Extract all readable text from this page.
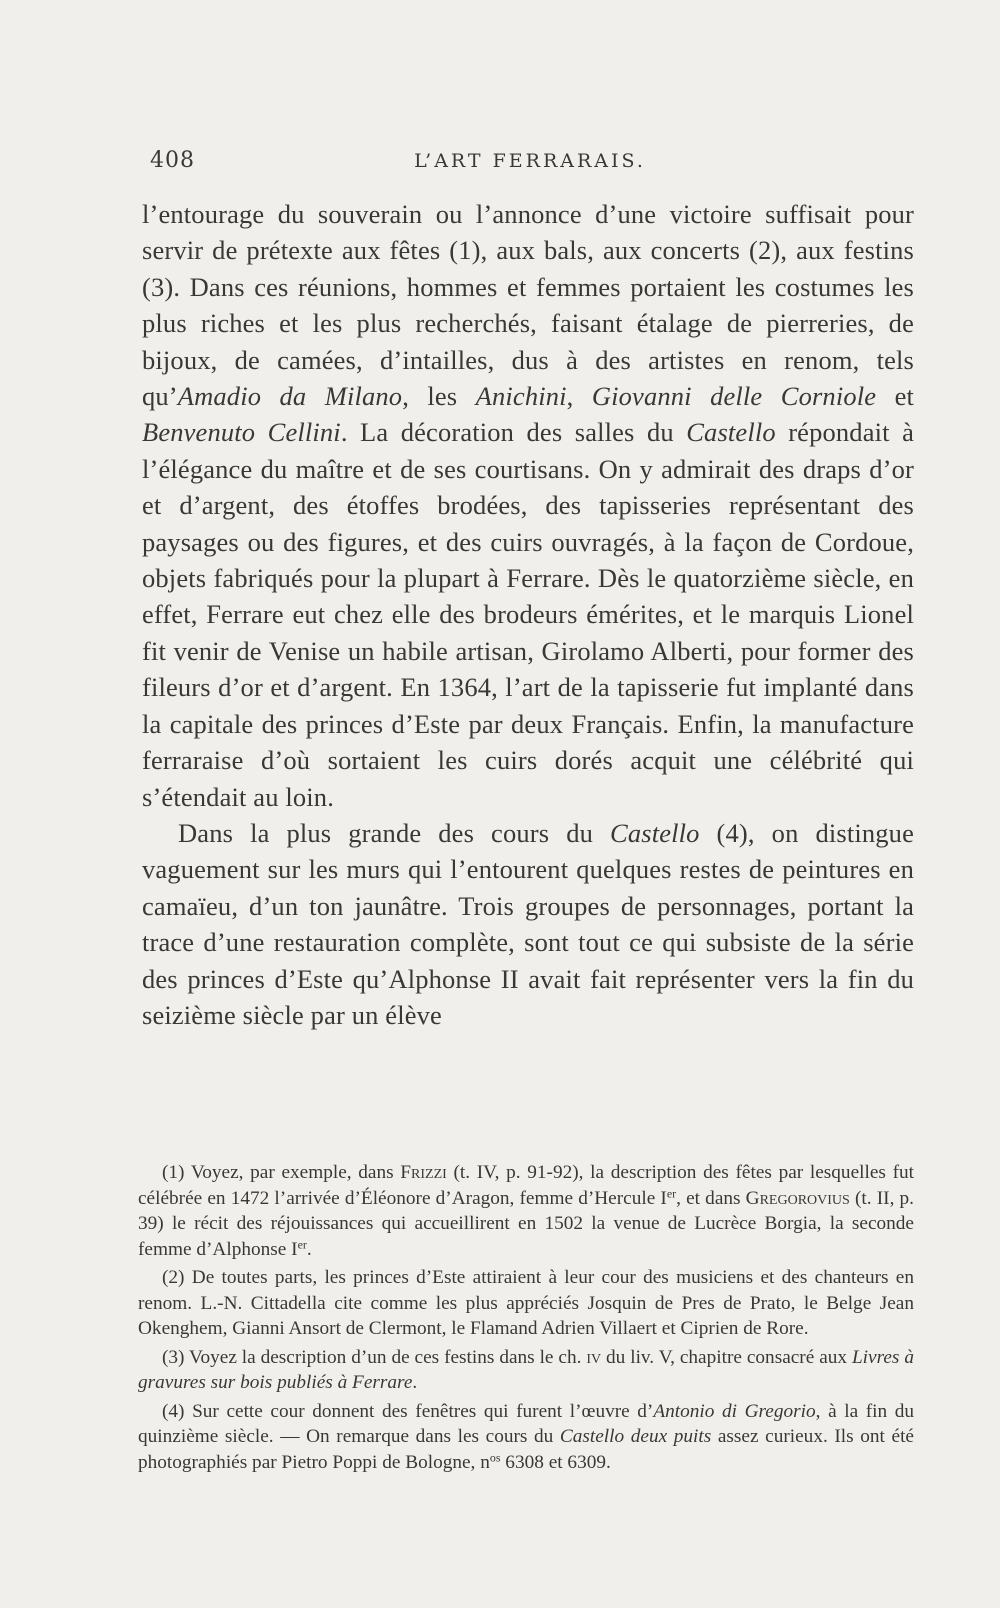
408	L’ART FERRARAIS.

l’entourage du souverain ou l’annonce d’une victoire suffisait pour servir de prétexte aux fêtes (1), aux bals, aux concerts (2), aux festins (3). Dans ces réunions, hommes et femmes portaient les costumes les plus riches et les plus recherchés, faisant étalage de pierreries, de bijoux, de camées, d’intailles, dus à des artistes en renom, tels qu’Amadio da Milano, les Anichini, Giovanni delle Corniole et Benvenuto Cellini. La décoration des salles du Castello répondait à l’élégance du maître et de ses courtisans. On y admirait des draps d’or et d’argent, des étoffes brodées, des tapisseries représentant des paysages ou des figures, et des cuirs ouvragés, à la façon de Cordoue, objets fabriqués pour la plupart à Ferrare. Dès le quatorzième siècle, en effet, Ferrare eut chez elle des brodeurs émérites, et le marquis Lionel fit venir de Venise un habile artisan, Girolamo Alberti, pour former des fileurs d’or et d’argent. En 1364, l’art de la tapisserie fut implanté dans la capitale des princes d’Este par deux Français. Enfin, la manufacture ferraraise d’où sortaient les cuirs dorés acquit une célébrité qui s’étendait au loin.

Dans la plus grande des cours du Castello (4), on distingue vaguement sur les murs qui l’entourent quelques restes de peintures en camaïeu, d’un ton jaunâtre. Trois groupes de personnages, portant la trace d’une restauration complète, sont tout ce qui subsiste de la série des princes d’Este qu’Alphonse II avait fait représenter vers la fin du seizième siècle par un élève

(1) Voyez, par exemple, dans Frizzi (t. IV, p. 91-92), la description des fêtes par lesquelles fut célébrée en 1472 l’arrivée d’Éléonore d’Aragon, femme d’Hercule Ier, et dans Gregorovius (t. II, p. 39) le récit des réjouissances qui accueillirent en 1502 la venue de Lucrèce Borgia, la seconde femme d’Alphonse Ier.

(2) De toutes parts, les princes d’Este attiraient à leur cour des musiciens et des chanteurs en renom. L.-N. Cittadella cite comme les plus appréciés Josquin de Pres de Prato, le Belge Jean Okenghem, Gianni Ansort de Clermont, le Flamand Adrien Villaert et Ciprien de Rore.

(3) Voyez la description d’un de ces festins dans le ch. iv du liv. V, chapitre consacré aux Livres à gravures sur bois publiés à Ferrare.

(4) Sur cette cour donnent des fenêtres qui furent l’œuvre d’Antonio di Gregorio, à la fin du quinzième siècle. — On remarque dans les cours du Castello deux puits assez curieux. Ils ont été photographiés par Pietro Poppi de Bologne, $n^{os}$ 6308 et 6309.
